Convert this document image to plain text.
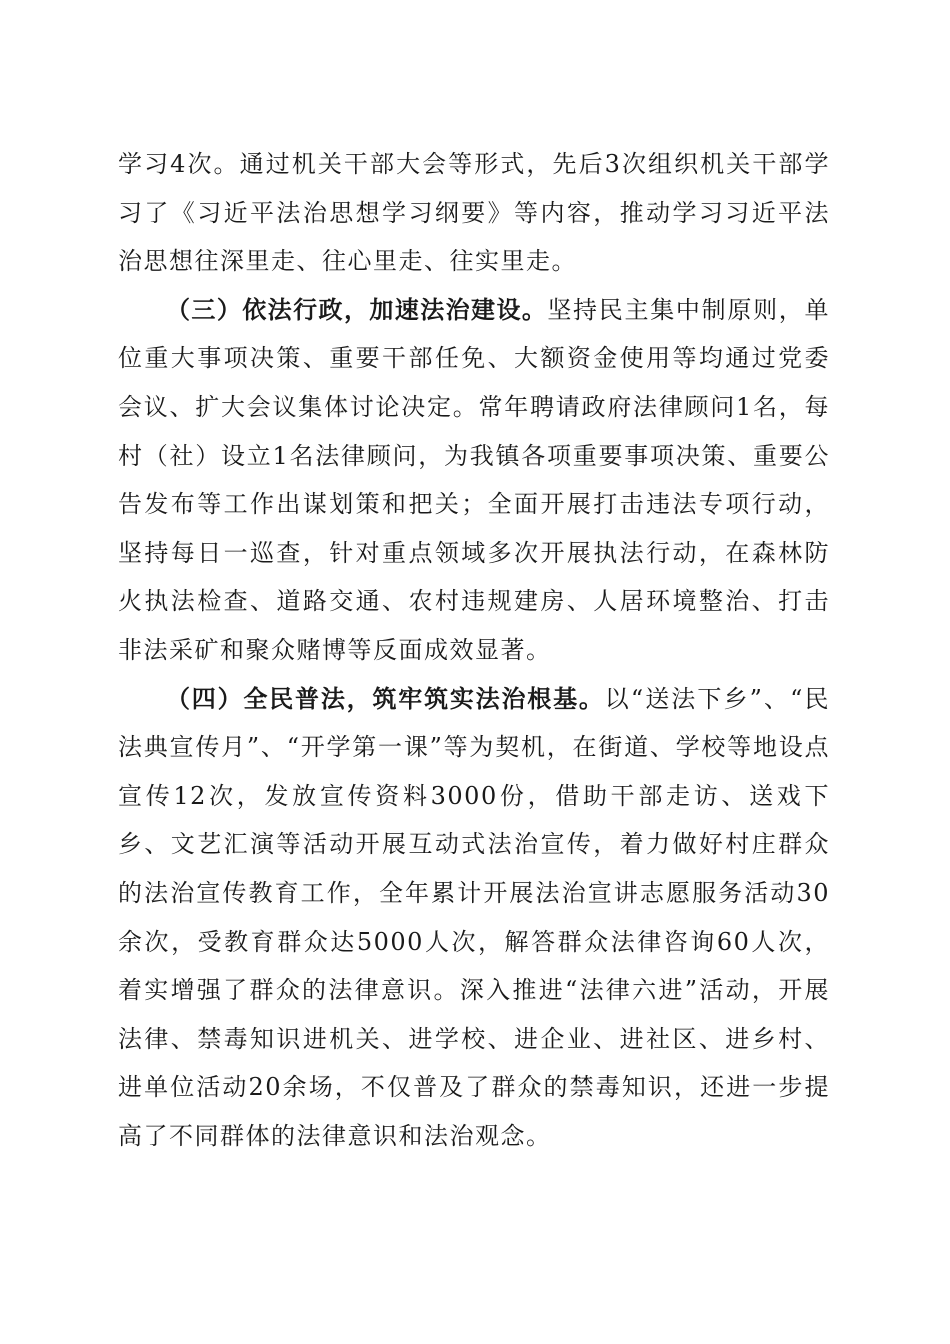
学习4次。通过机关干部大会等形式，先后3次组织机关干部学习了《习近平法治思想学习纲要》等内容，推动学习习近平法治思想往深里走、往心里走、往实里走。

（三）依法行政，加速法治建设。坚持民主集中制原则，单位重大事项决策、重要干部任免、大额资金使用等均通过党委会议、扩大会议集体讨论决定。常年聘请政府法律顾问1名，每村（社）设立1名法律顾问，为我镇各项重要事项决策、重要公告发布等工作出谋划策和把关；全面开展打击违法专项行动，坚持每日一巡查，针对重点领域多次开展执法行动，在森林防火执法检查、道路交通、农村违规建房、人居环境整治、打击非法采矿和聚众赌博等反面成效显著。

（四）全民普法，筑牢筑实法治根基。以“送法下乡”、“民法典宣传月”、“开学第一课”等为契机，在街道、学校等地设点宣传12次，发放宣传资料3000份，借助干部走访、送戏下乡、文艺汇演等活动开展互动式法治宣传，着力做好村庄群众的法治宣传教育工作，全年累计开展法治宣讲志愿服务活动30余次，受教育群众达5000人次，解答群众法律咨询60人次，着实增强了群众的法律意识。深入推进“法律六进”活动，开展法律、禁毒知识进机关、进学校、进企业、进社区、进乡村、进单位活动20余场，不仅普及了群众的禁毒知识，还进一步提高了不同群体的法律意识和法治观念。
